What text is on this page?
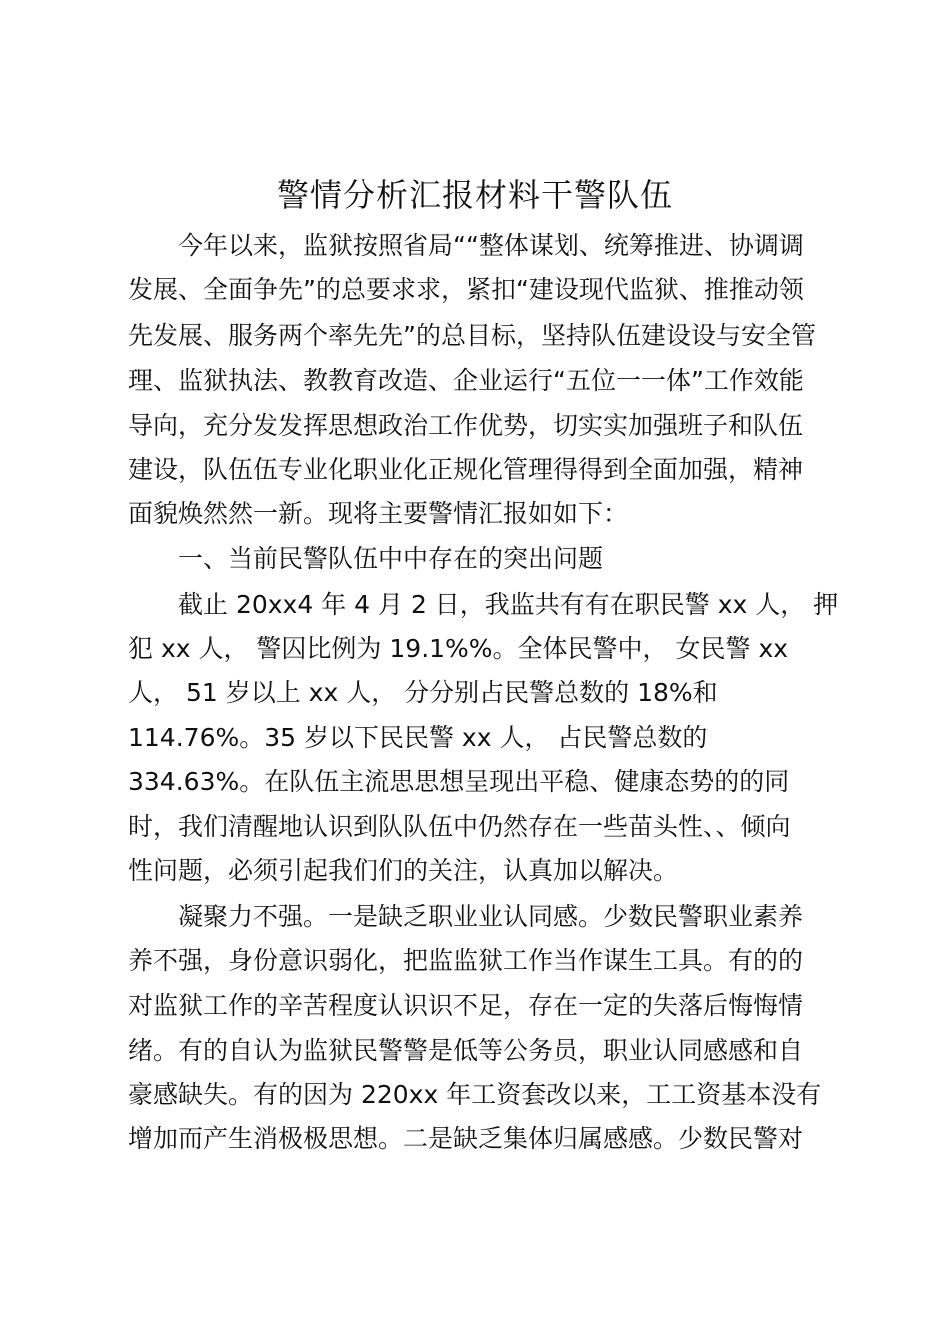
警情分析汇报材料干警队伍
今年以来，监狱按照省局““整体谋划、统筹推进、协调调
发展、全面争先”的总要求求，紧扣“建设现代监狱、推推动领
先发展、服务两个率先先”的总目标，坚持队伍建设设与安全管
理、监狱执法、教教育改造、企业运行“五位一一体”工作效能
导向，充分发发挥思想政治工作优势，切实实加强班子和队伍
建设，队伍伍专业化职业化正规化管理得得到全面加强，精神
面貌焕然然一新。现将主要警情汇报如如下：
一、当前民警队伍中中存在的突出问题
截止 20xx4 年 4 月 2 日，我监共有有在职民警 xx 人， 押
犯 xx 人， 警囚比例为 19.1%%。全体民警中， 女民警 xx
人， 51 岁以上 xx 人， 分分别占民警总数的 18%和
114.76%。35 岁以下民民警 xx 人， 占民警总数的
334.63%。在队伍主流思思想呈现出平稳、健康态势的的同
时，我们清醒地认识到队队伍中仍然存在一些苗头性、、倾向
性问题，必须引起我们们的关注，认真加以解决。
凝聚力不强。一是缺乏职业业认同感。少数民警职业素养
养不强，身份意识弱化，把监监狱工作当作谋生工具。有的的
对监狱工作的辛苦程度认识识不足，存在一定的失落后悔悔情
绪。有的自认为监狱民警警是低等公务员，职业认同感感和自
豪感缺失。有的因为 220xx 年工资套改以来，工工资基本没有
增加而产生消极极思想。二是缺乏集体归属感感。少数民警对
